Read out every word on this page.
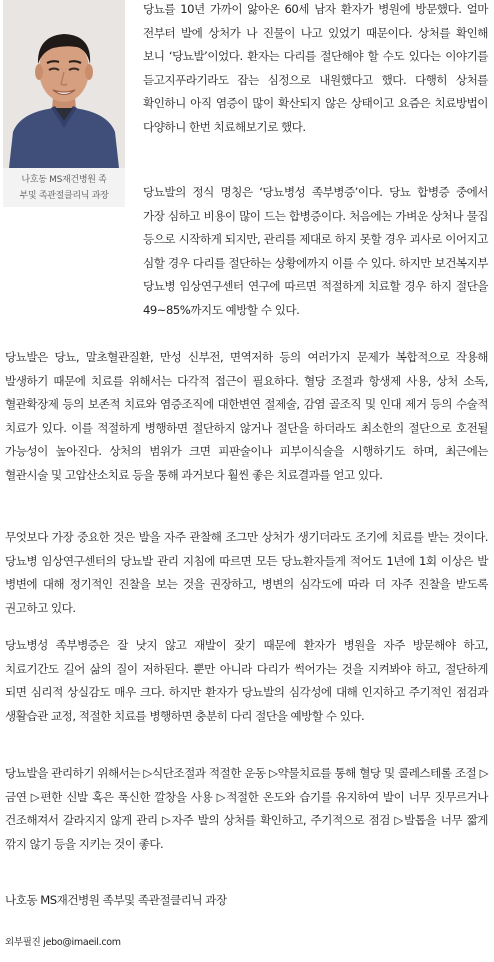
나호동 MS재건병원 족
부및 족관절클리닉 과장

당뇨를 10년 가까이 앓아온 60세 남자 환자가 병원에 방문했다. 얼마 전부터 발에 상처가 나 진물이 나고 있었기 때문이다. 상처를 확인해 보니 ‘당뇨발’이었다. 환자는 다리를 절단해야 할 수도 있다는 이야기를 듣고지푸라기라도 잡는 심정으로 내원했다고 했다. 다행히 상처를 확인하니 아직 염증이 많이 확산되지 않은 상태이고 요즘은 치료방법이 다양하니 한번 치료해보기로 했다.

당뇨발의 정식 명칭은 ‘당뇨병성 족부병증’이다. 당뇨 합병증 중에서 가장 심하고 비용이 많이 드는 합병증이다. 처음에는 가벼운 상처나 물집 등으로 시작하게 되지만, 관리를 제대로 하지 못할 경우 괴사로 이어지고 심할 경우 다리를 절단하는 상황에까지 이를 수 있다. 하지만 보건복지부 당뇨병 임상연구센터 연구에 따르면 적절하게 치료할 경우 하지 절단을 49~85%까지도 예방할 수 있다.

당뇨발은 당뇨, 말초혈관질환, 만성 신부전, 면역저하 등의 여러가지 문제가 복합적으로 작용해 발생하기 때문에 치료를 위해서는 다각적 접근이 필요하다. 혈당 조절과 항생제 사용, 상처 소독, 혈관확장제 등의 보존적 치료와 염증조직에 대한변연 절제술, 감염 골조직 및 인대 제거 등의 수술적 치료가 있다. 이를 적절하게 병행하면 절단하지 않거나 절단을 하더라도 최소한의 절단으로 호전될 가능성이 높아진다. 상처의 범위가 크면 피판술이나 피부이식술을 시행하기도 하며, 최근에는 혈관시술 및 고압산소치료 등을 통해 과거보다 훨씬 좋은 치료결과를 얻고 있다.

무엇보다 가장 중요한 것은 발을 자주 관찰해 조그만 상처가 생기더라도 조기에 치료를 받는 것이다. 당뇨병 임상연구센터의 당뇨발 관리 지침에 따르면 모든 당뇨환자들게 적어도 1년에 1회 이상은 발 병변에 대해 정기적인 진찰을 보는 것을 권장하고, 병변의 심각도에 따라 더 자주 진찰을 받도록 권고하고 있다.

당뇨병성 족부병증은 잘 낫지 않고 재발이 잦기 때문에 환자가 병원을 자주 방문해야 하고, 치료기간도 길어 삶의 질이 저하된다. 뿐만 아니라 다리가 썩어가는 것을 지켜봐야 하고, 절단하게 되면 심리적 상실감도 매우 크다. 하지만 환자가 당뇨발의 심각성에 대해 인지하고 주기적인 점검과 생활습관 교정, 적절한 치료를 병행하면 충분히 다리 절단을 예방할 수 있다.

당뇨발을 관리하기 위해서는 ▷식단조절과 적절한 운동 ▷약물치료를 통해 혈당 및 콜레스테롤 조절 ▷금연 ▷편한 신발 혹은 푹신한 깔창을 사용 ▷적절한 온도와 습기를 유지하여 발이 너무 짓무르거나 건조해져서 갈라지지 않게 관리 ▷자주 발의 상처를 확인하고, 주기적으로 점검 ▷발톱을 너무 짧게 깎지 않기 등을 지키는 것이 좋다.

나호동 MS재건병원 족부및 족관절클리닉 과장
외부필진 jebo@imaeil.com
